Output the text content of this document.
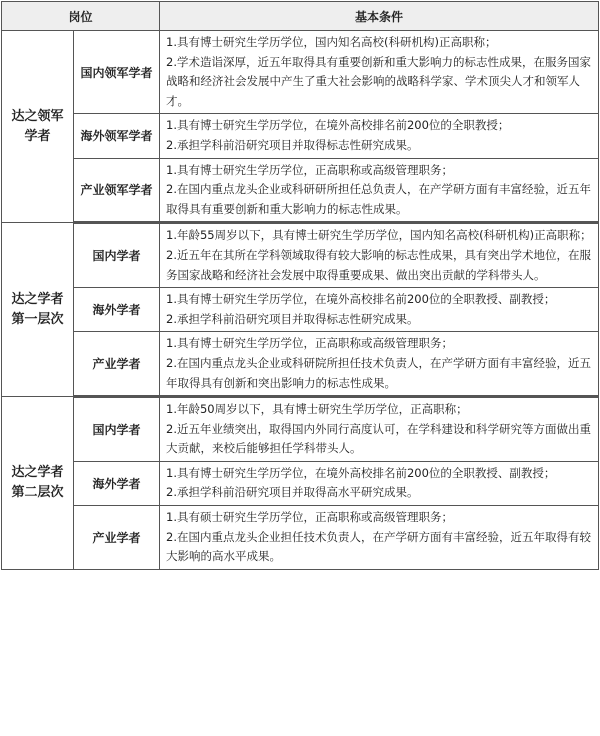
岗位		基本条件
达之领军
学者	国内领军学者	1.具有博士研究生学历学位，国内知名高校(科研机构)正高职称；
2.学术造诣深厚，近五年取得具有重要创新和重大影响力的标志性成果，在服务国家战略和经济社会发展中产生了重大社会影响的战略科学家、学术顶尖人才和领军人才。

	海外领军学者	1.具有博士研究生学历学位，在境外高校排名前200位的全职教授；
2.承担学科前沿研究项目并取得标志性研究成果。

	产业领军学者	1.具有博士研究生学历学位，正高职称或高级管理职务；
2.在国内重点龙头企业或科研研所担任总负责人，在产学研方面有丰富经验，近五年取得具有重要创新和重大影响力的标志性成果。

达之学者
第一层次	国内学者	1.年龄55周岁以下，具有博士研究生学历学位，国内知名高校(科研机构)正高职称；
2.近五年在其所在学科领域取得有较大影响的标志性成果，具有突出学术地位，在服务国家战略和经济社会发展中取得重要成果、做出突出贡献的学科带头人。

	海外学者	1.具有博士研究生学历学位，在境外高校排名前200位的全职教授、副教授；
2.承担学科前沿研究项目并取得标志性研究成果。

	产业学者	1.具有博士研究生学历学位，正高职称或高级管理职务；
2.在国内重点龙头企业或科研院所担任技术负责人，在产学研方面有丰富经验，近五年取得具有创新和突出影响力的标志性成果。

达之学者
第二层次	国内学者	1.年龄50周岁以下，具有博士研究生学历学位，正高职称；
2.近五年业绩突出，取得国内外同行高度认可，在学科建设和科学研究等方面做出重大贡献，来校后能够担任学科带头人。

	海外学者	1.具有博士研究生学历学位，在境外高校排名前200位的全职教授、副教授；
2.承担学科前沿研究项目并取得高水平研究成果。

	产业学者	1.具有硕士研究生学历学位，正高职称或高级管理职务；
2.在国内重点龙头企业担任技术负责人，在产学研方面有丰富经验，近五年取得有较大影响的高水平成果。
